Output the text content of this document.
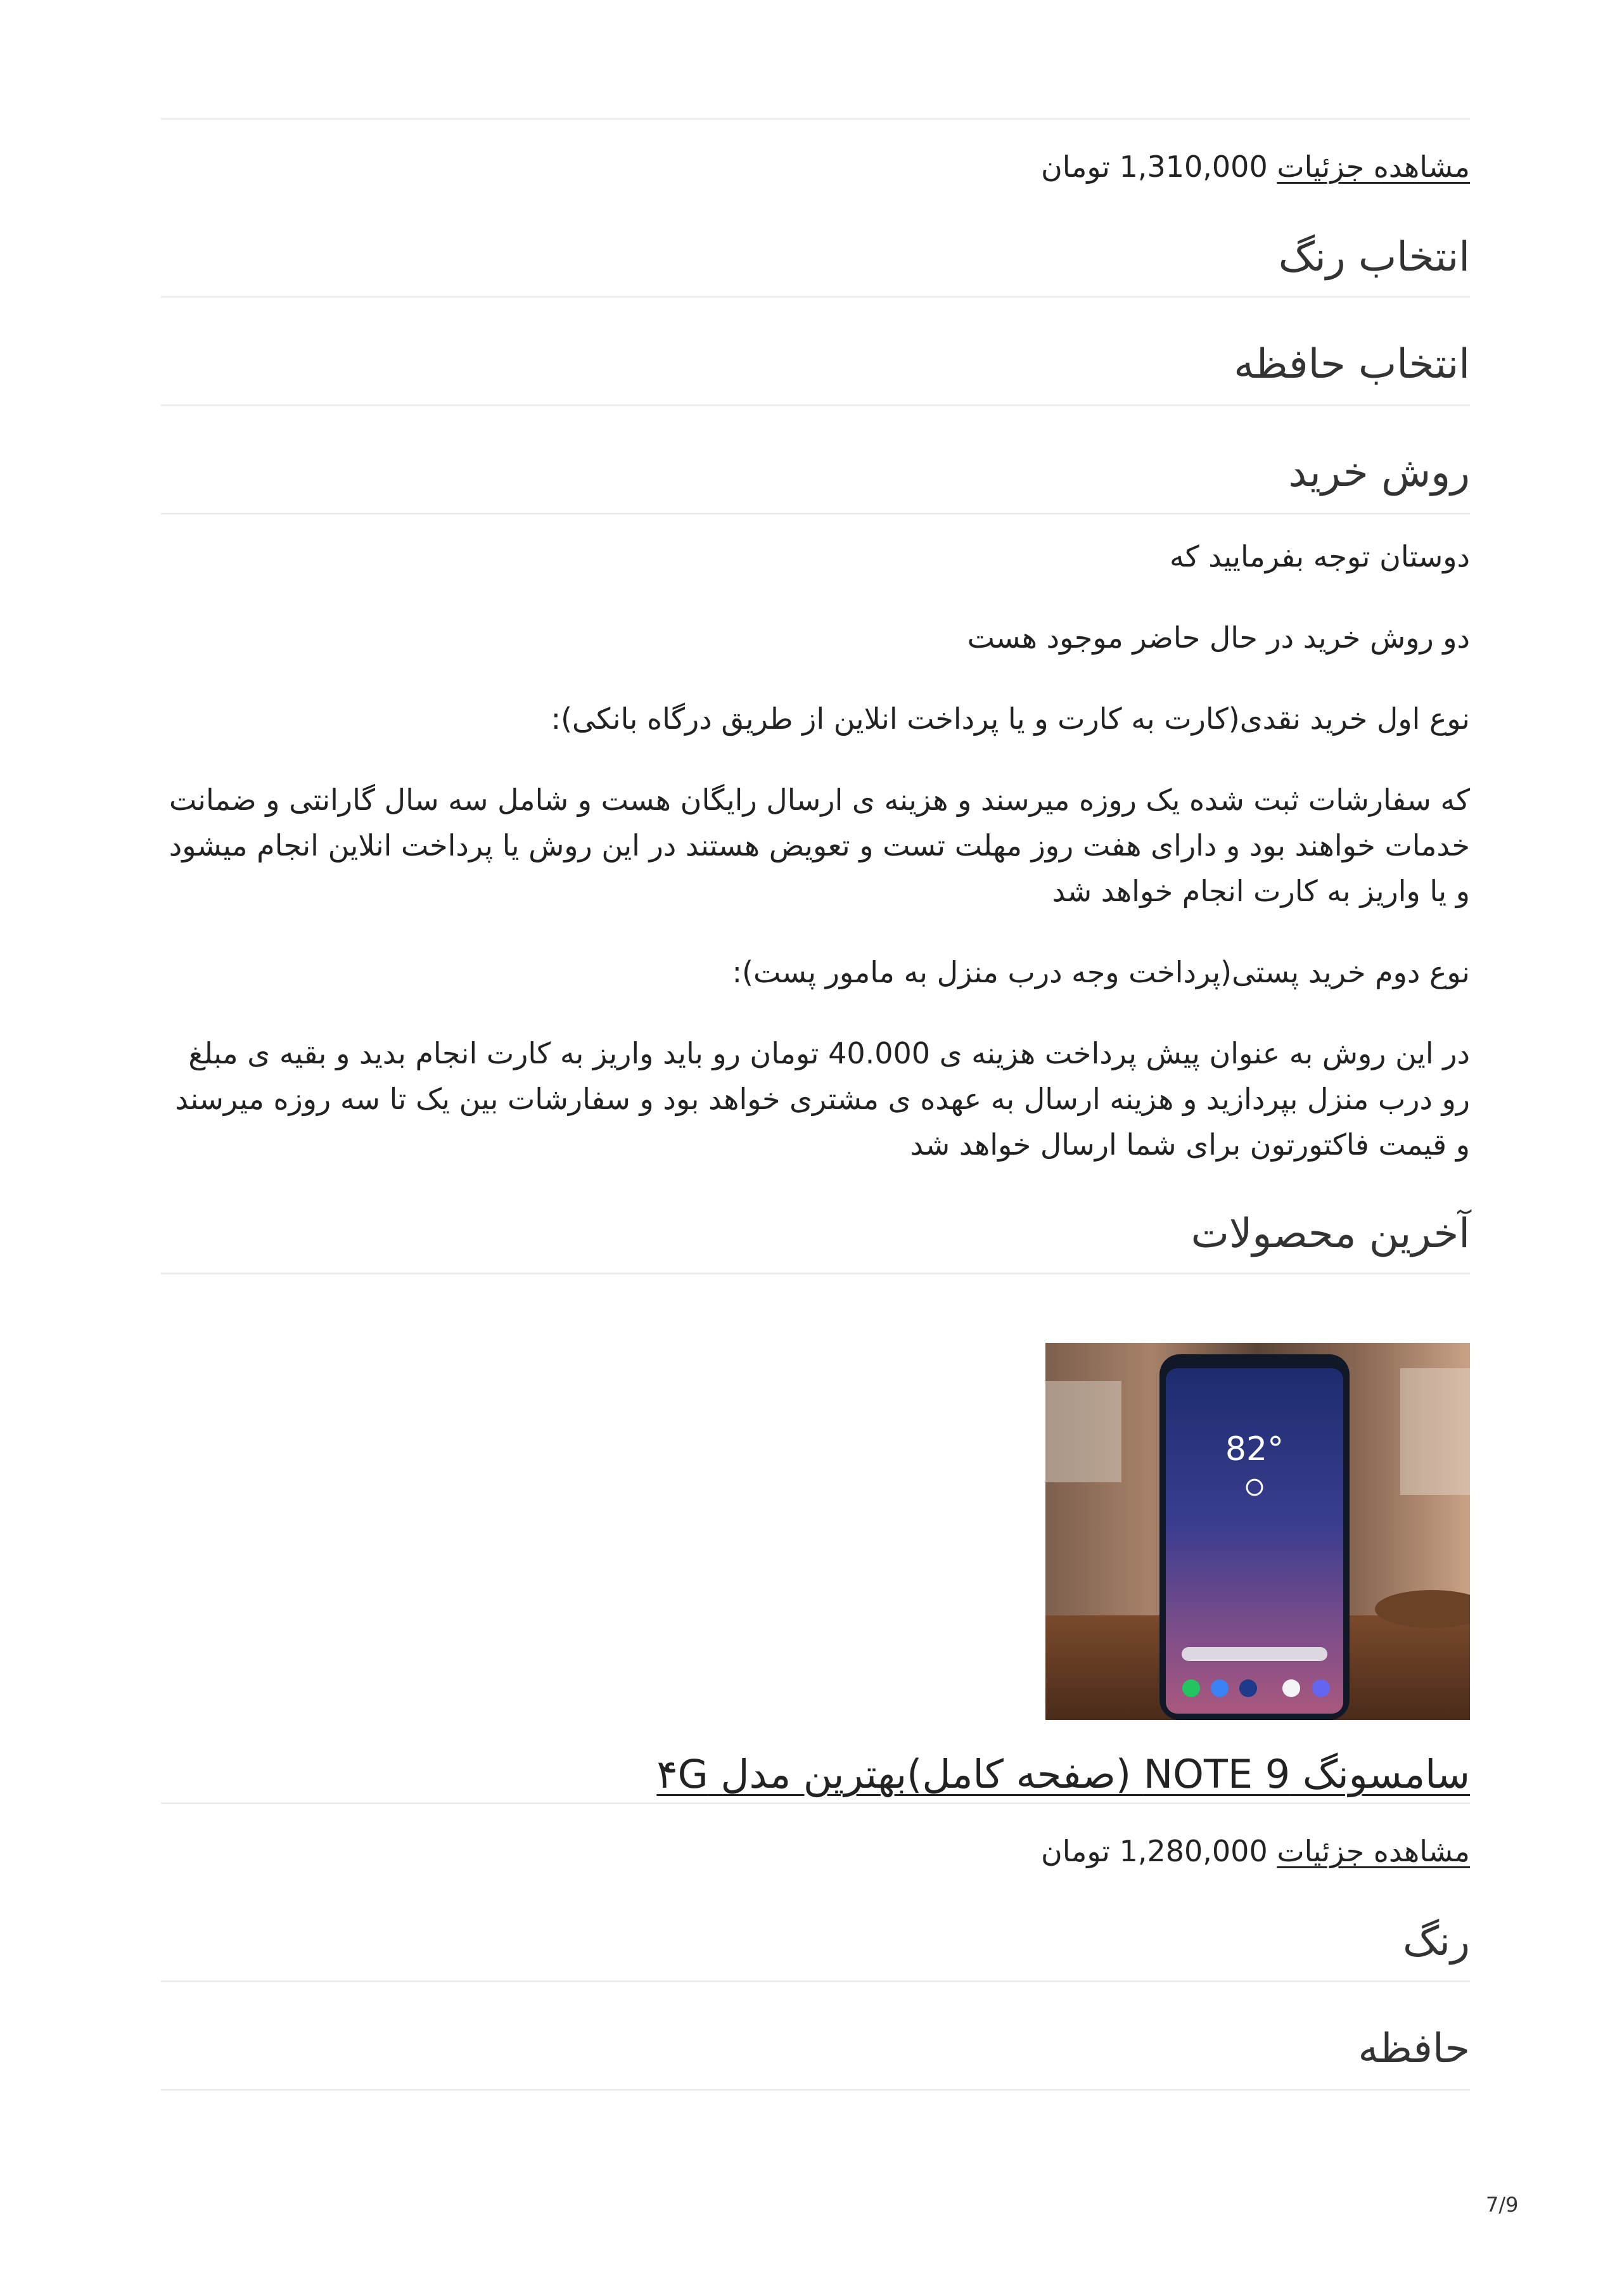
مشاهده جزئیات 1,310,000 تومان
انتخاب رنگ
انتخاب حافظه
روش خرید

دوستان توجه بفرمایید که

دو روش خرید در حال حاضر موجود هست

نوع اول خرید نقدی(کارت به کارت و یا پرداخت انلاین از طریق درگاه بانکی):

که سفارشات ثبت شده یک روزه میرسند و هزینه ی ارسال رایگان هست و شامل سه سال گارانتی و ضمانت خدمات خواهند بود و دارای هفت روز مهلت تست و تعویض هستند در این روش یا پرداخت انلاین انجام میشود و یا واریز به کارت انجام خواهد شد

نوع دوم خرید پستی(پرداخت وجه درب منزل به مامور پست):

در این روش به عنوان پیش پرداخت هزینه ی 40.000 تومان رو باید واریز به کارت انجام بدید و بقیه ی مبلغ رو درب منزل بپردازید و هزینه ارسال به عهده ی مشتری خواهد بود و سفارشات بین یک تا سه روزه میرسند و قیمت فاکتورتون برای شما ارسال خواهد شد

آخرین محصولات
82°
سامسونگ NOTE 9 (صفحه کامل)بهترین مدل ۴G
مشاهده جزئیات 1,280,000 تومان
رنگ
حافظه
7/9
